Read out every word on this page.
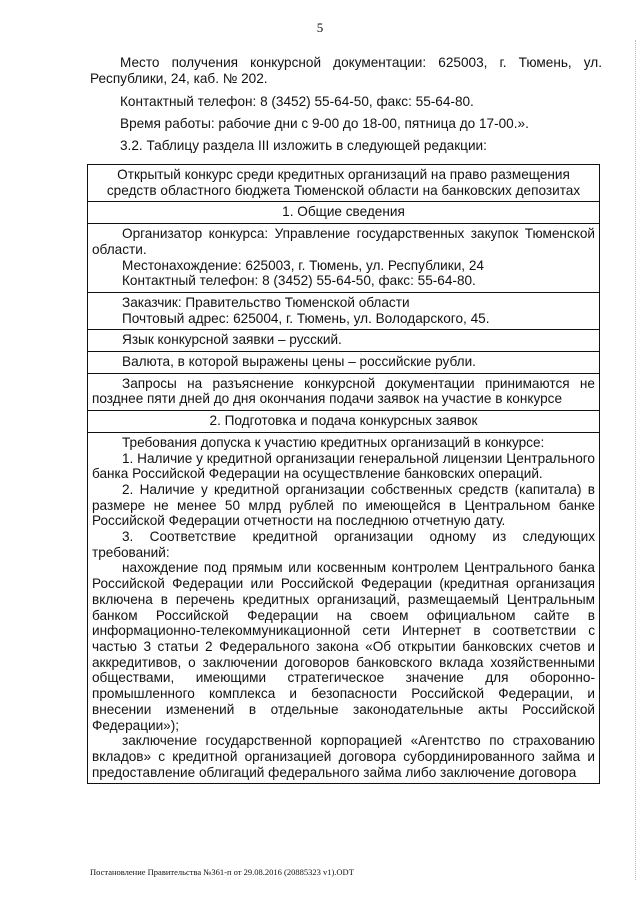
5

Место получения конкурсной документации: 625003, г. Тюмень, ул. Республики, 24, каб. № 202.

Контактный телефон: 8 (3452) 55-64-50, факс: 55-64-80.

Время работы: рабочие дни с 9-00 до 18-00, пятница до 17-00.».

3.2. Таблицу раздела III изложить в следующей редакции:

Открытый конкурс среди кредитных организаций на право размещения средств областного бюджета Тюменской области на банковских депозитах

1. Общие сведения

Организатор конкурса: Управление государственных закупок Тюменской области.

Местонахождение: 625003, г. Тюмень, ул. Республики, 24

Контактный телефон: 8 (3452) 55-64-50, факс: 55-64-80.

Заказчик: Правительство Тюменской области

Почтовый адрес: 625004, г. Тюмень, ул. Володарского, 45.

Язык конкурсной заявки – русский.

Валюта, в которой выражены цены – российские рубли.

Запросы на разъяснение конкурсной документации принимаются не позднее пяти дней до дня окончания подачи заявок на участие в конкурсе

2. Подготовка и подача конкурсных заявок

Требования допуска к участию кредитных организаций в конкурсе:

1. Наличие у кредитной организации генеральной лицензии Центрального банка Российской Федерации на осуществление банковских операций.

2. Наличие у кредитной организации собственных средств (капитала) в размере не менее 50 млрд рублей по имеющейся в Центральном банке Российской Федерации отчетности на последнюю отчетную дату.

3. Соответствие кредитной организации одному из следующих требований:

нахождение под прямым или косвенным контролем Центрального банка Российской Федерации или Российской Федерации (кредитная организация включена в перечень кредитных организаций, размещаемый Центральным банком Российской Федерации на своем официальном сайте в информационно-телекоммуникационной сети Интернет в соответствии с частью 3 статьи 2 Федерального закона «Об открытии банковских счетов и аккредитивов, о заключении договоров банковского вклада хозяйственными обществами, имеющими стратегическое значение для оборонно-промышленного комплекса и безопасности Российской Федерации, и внесении изменений в отдельные законодательные акты Российской Федерации»);

заключение государственной корпорацией «Агентство по страхованию вкладов» с кредитной организацией договора субординированного займа и предоставление облигаций федерального займа либо заключение договора

Постановление Правительства №361-п от 29.08.2016 (20885323 v1).ODT
